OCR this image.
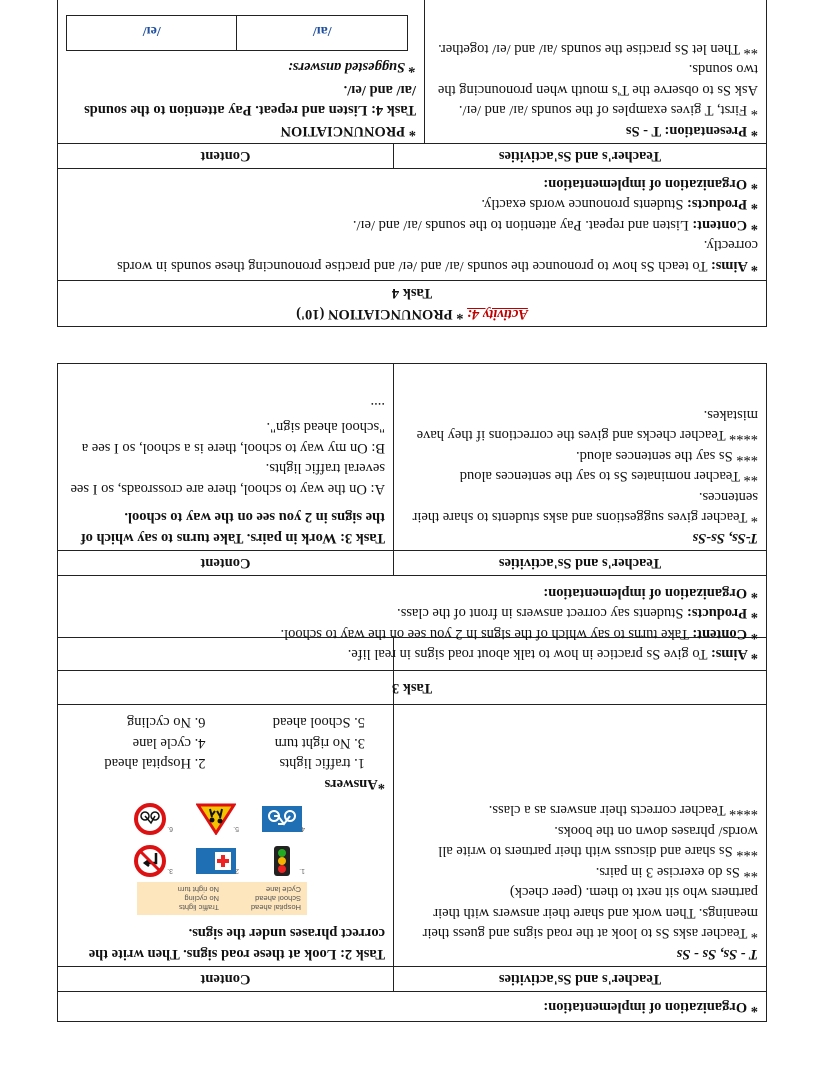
* Organization of implementation:
Teacher's and Ss'activities
Content
T - Ss, Ss - Ss
* Teacher asks Ss to look at the road signs and guess their meanings. Then work and share their answers with their partners who sit next to them. (peer check)
** Ss do exercise 3 in pairs.
*** Ss share and discuss with their partners to write all words/ phrases down on the books.
**** Teacher corrects their answers as a class.
Task 2: Look at these road signs. Then write the correct phrases under the signs.
Hospital ahead
Traffic lights
School ahead
No cycling
Cycle lane
No right turn
1.
2.
3.
4.
5.
6.
*Answers
1. traffic lights
2. Hospital ahead
3. No right turn
4. cycle lane
5. School ahead
6. No cycling
Task 3
* Aims: To give Ss practice in how to talk about road signs in real life.
* Content: Take turns to say which of the signs in 2 you see on the way to school.
* Products: Students say correct answers in front of the class.
* Organization of implementation:
Teacher's and Ss'activities
Content
T-Ss, Ss-Ss
* Teacher gives suggestions and asks students to share their sentences.
** Teacher nominates Ss to say the sentences aloud
*** Ss say the sentences aloud.
**** Teacher checks and gives the corrections if they have mistakes.
Task 3: Work in pairs. Take turns to say which of the signs in 2 you see on the way to school.
A: On the way to school, there are crossroads, so I see several traffic lights.
B: On my way to school, there is a school, so I see a "school ahead sign".
....
Activity 4: * PRONUNCIATION (10')
Task 4
* Aims: To teach Ss how to pronounce the sounds /aɪ/ and /eɪ/ and practise pronouncing these sounds in words correctly.
* Content: Listen and repeat. Pay attention to the sounds /aɪ/ and /eɪ/.
* Products: Students pronounce words exactly.
* Organization of implementation:
Teacher's and Ss'activities
Content
* Presentation: T - Ss
* First, T gives examples of the sounds /aɪ/ and /eɪ/. Ask Ss to observe the T's mouth when pronouncing the two sounds.
** Then let Ss practise the sounds /aɪ/ and /eɪ/ together.
* PRONUNCIATION
Task 4: Listen and repeat. Pay attention to the sounds /aɪ/ and /eɪ/.
* Suggested answers:
/aɪ/
/eɪ/
